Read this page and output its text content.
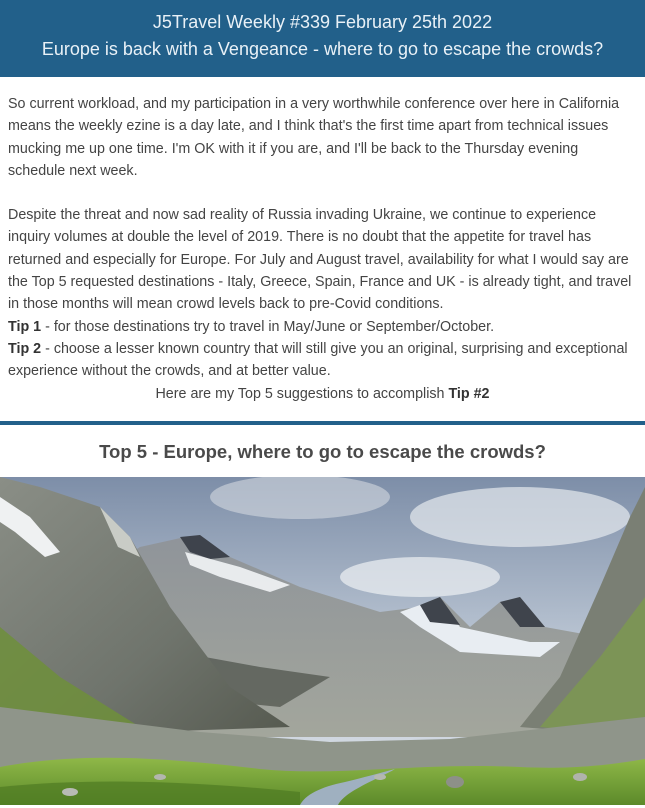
J5Travel Weekly #339 February 25th 2022
Europe is back with a Vengeance - where to go to escape the crowds?

So current workload, and my participation in a very worthwhile conference over here in California means the weekly ezine is a day late, and I think that's the first time apart from technical issues mucking me up one time. I'm OK with it if you are, and I'll be back to the Thursday evening schedule next week.

Despite the threat and now sad reality of Russia invading Ukraine, we continue to experience inquiry volumes at double the level of 2019. There is no doubt that the appetite for travel has returned and especially for Europe. For July and August travel, availability for what I would say are the Top 5 requested destinations - Italy, Greece, Spain, France and UK - is already tight, and travel in those months will mean crowd levels back to pre-Covid conditions.

Tip 1 - for those destinations try to travel in May/June or September/October.

Tip 2 - choose a lesser known country that will still give you an original, surprising and exceptional experience without the crowds, and at better value.

Here are my Top 5 suggestions to accomplish Tip #2

Top 5 - Europe, where to go to escape the crowds?
